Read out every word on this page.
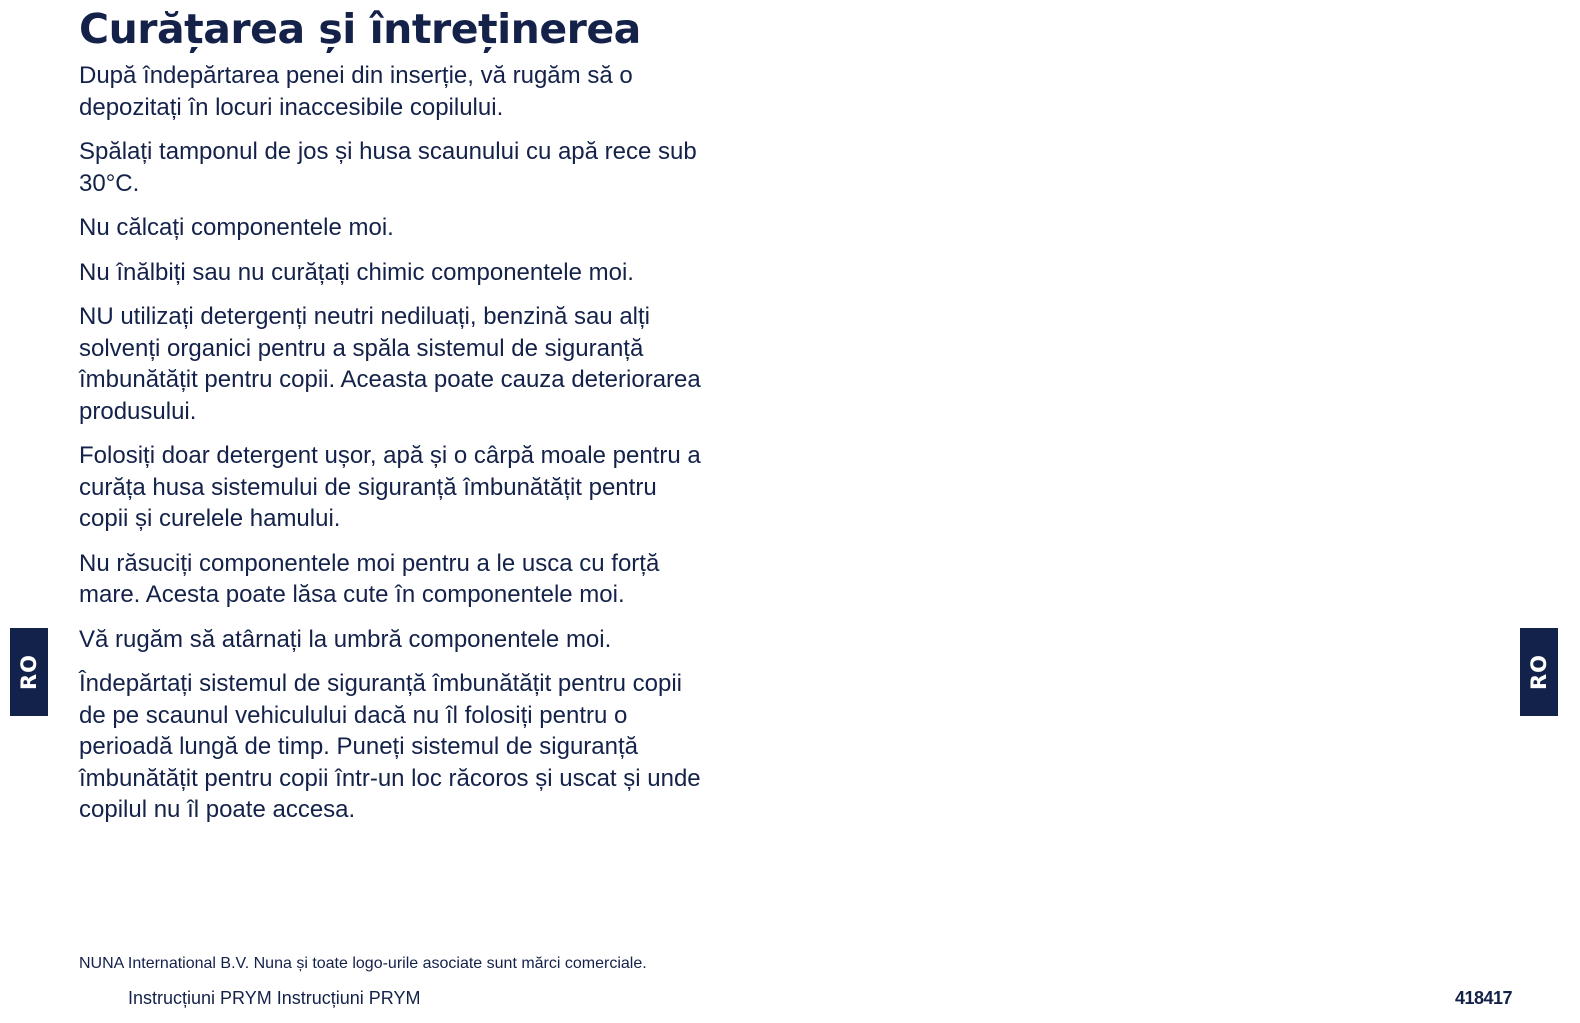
Curățarea și întreținerea

După îndepărtarea penei din inserție, vă rugăm să o depozitați în locuri inaccesibile copilului.

Spălați tamponul de jos și husa scaunului cu apă rece sub 30°C.

Nu călcați componentele moi.

Nu înălbiți sau nu curățați chimic componentele moi.

NU utilizați detergenți neutri nediluați, benzină sau alți solvenți organici pentru a spăla sistemul de siguranță îmbunătățit pentru copii. Aceasta poate cauza deteriorarea produsului.

Folosiți doar detergent ușor, apă și o cârpă moale pentru a curăța husa sistemului de siguranță îmbunătățit pentru copii și curelele hamului.

Nu răsuciți componentele moi pentru a le usca cu forță mare. Acesta poate lăsa cute în componentele moi.

Vă rugăm să atârnați la umbră componentele moi.

Îndepărtați sistemul de siguranță îmbunătățit pentru copii de pe scaunul vehiculului dacă nu îl folosiți pentru o perioadă lungă de timp. Puneți sistemul de siguranță îmbunătățit pentru copii într-un loc răcoros și uscat și unde copilul nu îl poate accesa.

RO	RO
NUNA International B.V. Nuna și toate logo-urile asociate sunt mărci comerciale.
Instrucțiuni PRYM Instrucțiuni PRYM	418417
